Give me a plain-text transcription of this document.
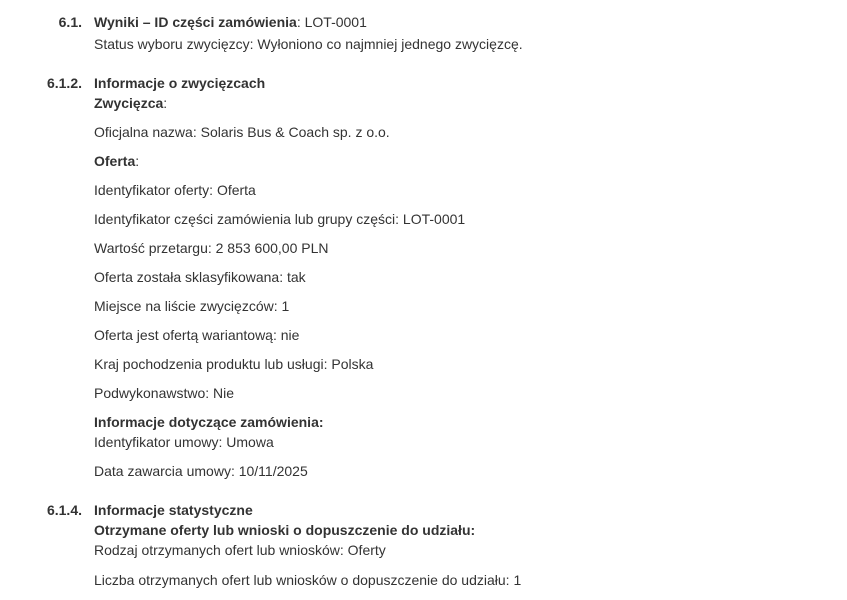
6.1. Wyniki – ID części zamówienia: LOT-0001
Status wyboru zwycięzcy: Wyłoniono co najmniej jednego zwycięzcę.
6.1.2. Informacje o zwycięzcach
Zwycięzca:
Oficjalna nazwa: Solaris Bus & Coach sp. z o.o.
Oferta:
Identyfikator oferty: Oferta
Identyfikator części zamówienia lub grupy części: LOT-0001
Wartość przetargu: 2 853 600,00 PLN
Oferta została sklasyfikowana: tak
Miejsce na liście zwycięzców: 1
Oferta jest ofertą wariantową: nie
Kraj pochodzenia produktu lub usługi: Polska
Podwykonawstwo: Nie
Informacje dotyczące zamówienia:
Identyfikator umowy: Umowa
Data zawarcia umowy: 10/11/2025
6.1.4. Informacje statystyczne
Otrzymane oferty lub wnioski o dopuszczenie do udziału:
Rodzaj otrzymanych ofert lub wniosków: Oferty
Liczba otrzymanych ofert lub wniosków o dopuszczenie do udziału: 1
